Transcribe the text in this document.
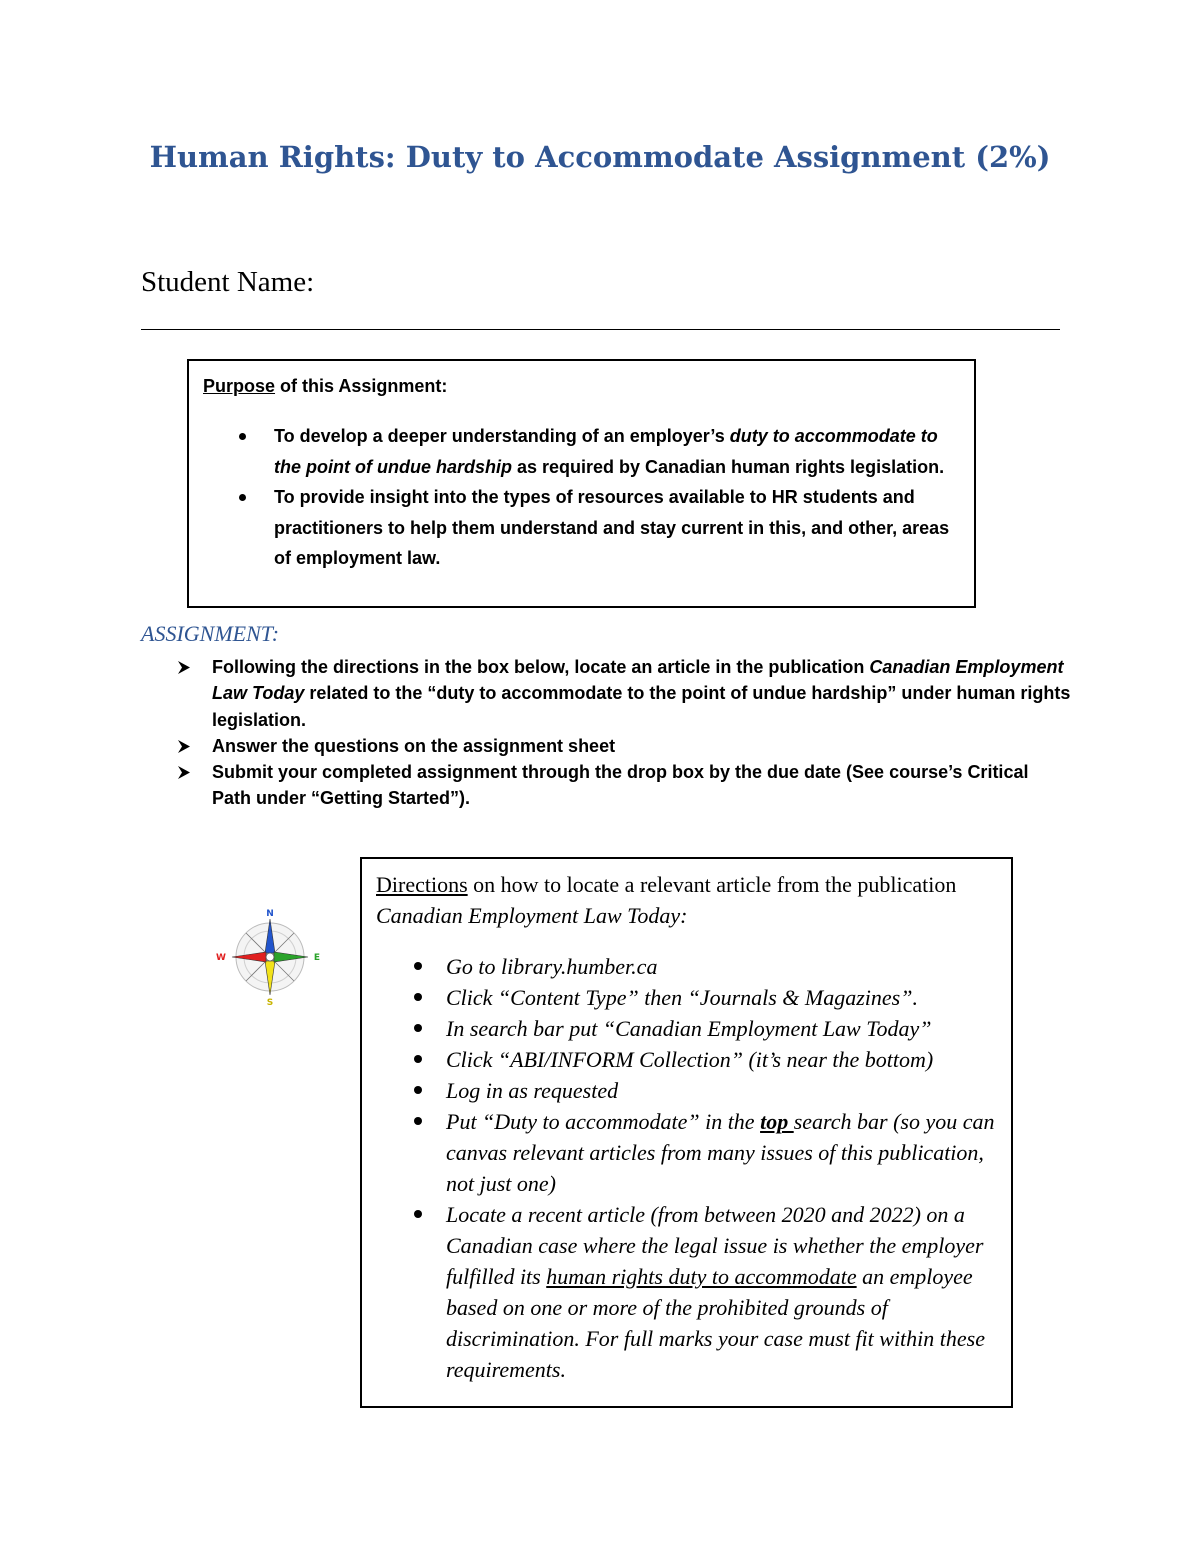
Human Rights: Duty to Accommodate Assignment (2%)
Student Name:
Purpose of this Assignment:
To develop a deeper understanding of an employer’s duty to accommodate to the point of undue hardship as required by Canadian human rights legislation.
To provide insight into the types of resources available to HR students and practitioners to help them understand and stay current in this, and other, areas of employment law.
ASSIGNMENT:
Following the directions in the box below, locate an article in the publication Canadian Employment Law Today related to the “duty to accommodate to the point of undue hardship” under human rights legislation.
Answer the questions on the assignment sheet
Submit your completed assignment through the drop box by the due date (See course’s Critical Path under “Getting Started”).
N
S
E
W
Directions on how to locate a relevant article from the publication Canadian Employment Law Today:
Go to library.humber.ca
Click “Content Type” then “Journals & Magazines”.
In search bar put “Canadian Employment Law Today”
Click “ABI/INFORM Collection” (it’s near the bottom)
Log in as requested
Put “Duty to accommodate” in the top search bar (so you can canvas relevant articles from many issues of this publication, not just one)
Locate a recent article (from between 2020 and 2022) on a Canadian case where the legal issue is whether the employer fulfilled its human rights duty to accommodate an employee based on one or more of the prohibited grounds of discrimination. For full marks your case must fit within these requirements.
